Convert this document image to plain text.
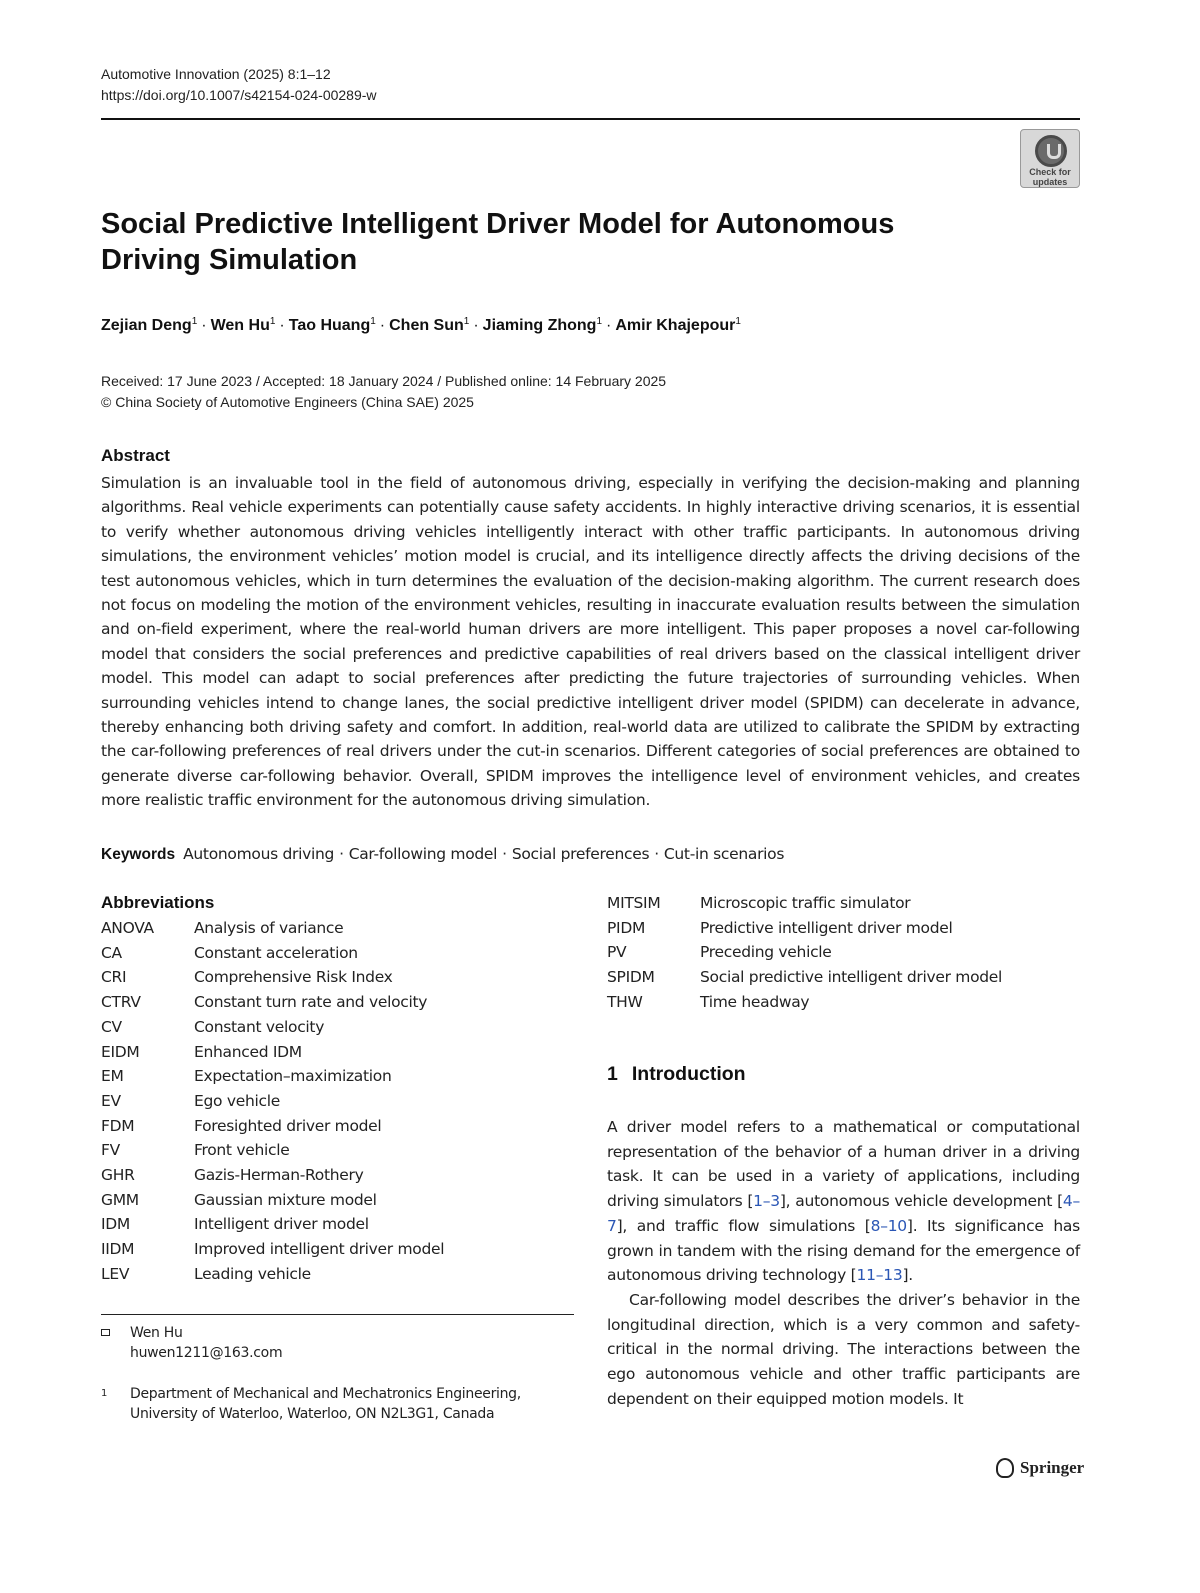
Automotive Innovation (2025) 8:1–12
https://doi.org/10.1007/s42154-024-00289-w
Check for updates
Social Predictive Intelligent Driver Model for Autonomous Driving Simulation
Zejian Deng$^1$ · Wen $Hu^1$ · Tao Huang$^1$ · Chen Sun$^1$ · Jiaming Zhong$^1$ · Amir Khajepour$^1$
Received: 17 June 2023 / Accepted: 18 January 2024 / Published online: 14 February 2025
© China Society of Automotive Engineers (China SAE) 2025
Abstract
Simulation is an invaluable tool in the field of autonomous driving, especially in verifying the decision-making and planning algorithms. Real vehicle experiments can potentially cause safety accidents. In highly interactive driving scenarios, it is essential to verify whether autonomous driving vehicles intelligently interact with other traffic participants. In autonomous driving simulations, the environment vehicles’ motion model is crucial, and its intelligence directly affects the driving decisions of the test autonomous vehicles, which in turn determines the evaluation of the decision-making algorithm. The current research does not focus on modeling the motion of the environment vehicles, resulting in inaccurate evaluation results between the simulation and on-field experiment, where the real-world human drivers are more intelligent. This paper proposes a novel car-following model that considers the social preferences and predictive capabilities of real drivers based on the classical intelligent driver model. This model can adapt to social preferences after predicting the future trajectories of surrounding vehicles. When surrounding vehicles intend to change lanes, the social predictive intelligent driver model (SPIDM) can decelerate in advance, thereby enhancing both driving safety and comfort. In addition, real-world data are utilized to calibrate the SPIDM by extracting the car-following preferences of real drivers under the cut-in scenarios. Different categories of social preferences are obtained to generate diverse car-following behavior. Overall, SPIDM improves the intelligence level of environment vehicles, and creates more realistic traffic environment for the autonomous driving simulation.
Keywords Autonomous driving · Car-following model · Social preferences · Cut-in scenarios
Abbreviations
ANOVA	Analysis of variance
CA	Constant acceleration
CRI	Comprehensive Risk Index
CTRV	Constant turn rate and velocity
CV	Constant velocity
EIDM	Enhanced IDM
EM	Expectation–maximization
EV	Ego vehicle
FDM	Foresighted driver model
FV	Front vehicle
GHR	Gazis-Herman-Rothery
GMM	Gaussian mixture model
IDM	Intelligent driver model
IIDM	Improved intelligent driver model
LEV	Leading vehicle
MITSIM	Microscopic traffic simulator
PIDM	Predictive intelligent driver model
PV	Preceding vehicle
SPIDM	Social predictive intelligent driver model
THW	Time headway
1 Introduction

A driver model refers to a mathematical or computational representation of the behavior of a human driver in a driving task. It can be used in a variety of applications, including driving simulators [1–3], autonomous vehicle development [4–7], and traffic flow simulations [8–10]. Its significance has grown in tandem with the rising demand for the emergence of autonomous driving technology [11–13].

Car-following model describes the driver’s behavior in the longitudinal direction, which is a very common and safety-critical in the normal driving. The interactions between the ego autonomous vehicle and other traffic participants are dependent on their equipped motion models. It

Wen Hu
huwen1211@163.com
1	Department of Mechanical and Mechatronics Engineering,
University of Waterloo, Waterloo, ON N2L3G1, Canada
Springer
